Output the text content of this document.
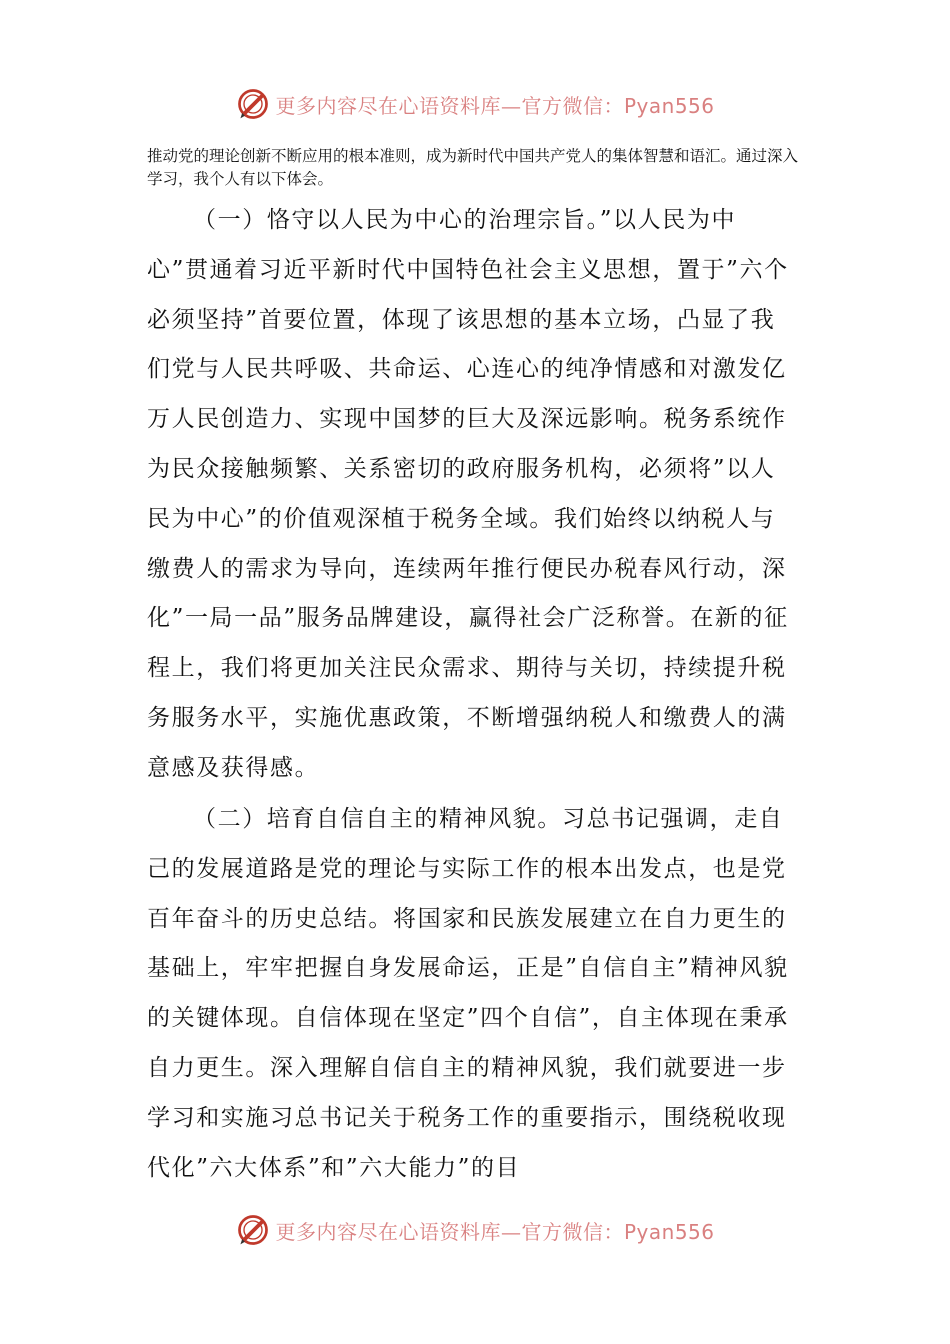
更多内容尽在心语资料库—官方微信：Pyan556
推动党的理论创新不断应用的根本准则，成为新时代中国共产党人的集体智慧和语汇。通过深入学习，我个人有以下体会。

（一）恪守以人民为中心的治理宗旨。”以人民为中心”贯通着习近平新时代中国特色社会主义思想，置于”六个必须坚持”首要位置，体现了该思想的基本立场，凸显了我们党与人民共呼吸、共命运、心连心的纯净情感和对激发亿万人民创造力、实现中国梦的巨大及深远影响。税务系统作为民众接触频繁、关系密切的政府服务机构，必须将”以人民为中心”的价值观深植于税务全域。我们始终以纳税人与缴费人的需求为导向，连续两年推行便民办税春风行动，深化”一局一品”服务品牌建设，赢得社会广泛称誉。在新的征程上，我们将更加关注民众需求、期待与关切，持续提升税务服务水平，实施优惠政策，不断增强纳税人和缴费人的满意感及获得感。

（二）培育自信自主的精神风貌。习总书记强调，走自己的发展道路是党的理论与实际工作的根本出发点，也是党百年奋斗的历史总结。将国家和民族发展建立在自力更生的基础上，牢牢把握自身发展命运，正是”自信自主”精神风貌的关键体现。自信体现在坚定”四个自信”，自主体现在秉承自力更生。深入理解自信自主的精神风貌，我们就要进一步学习和实施习总书记关于税务工作的重要指示，围绕税收现代化”六大体系”和”六大能力”的目

更多内容尽在心语资料库—官方微信：Pyan556
